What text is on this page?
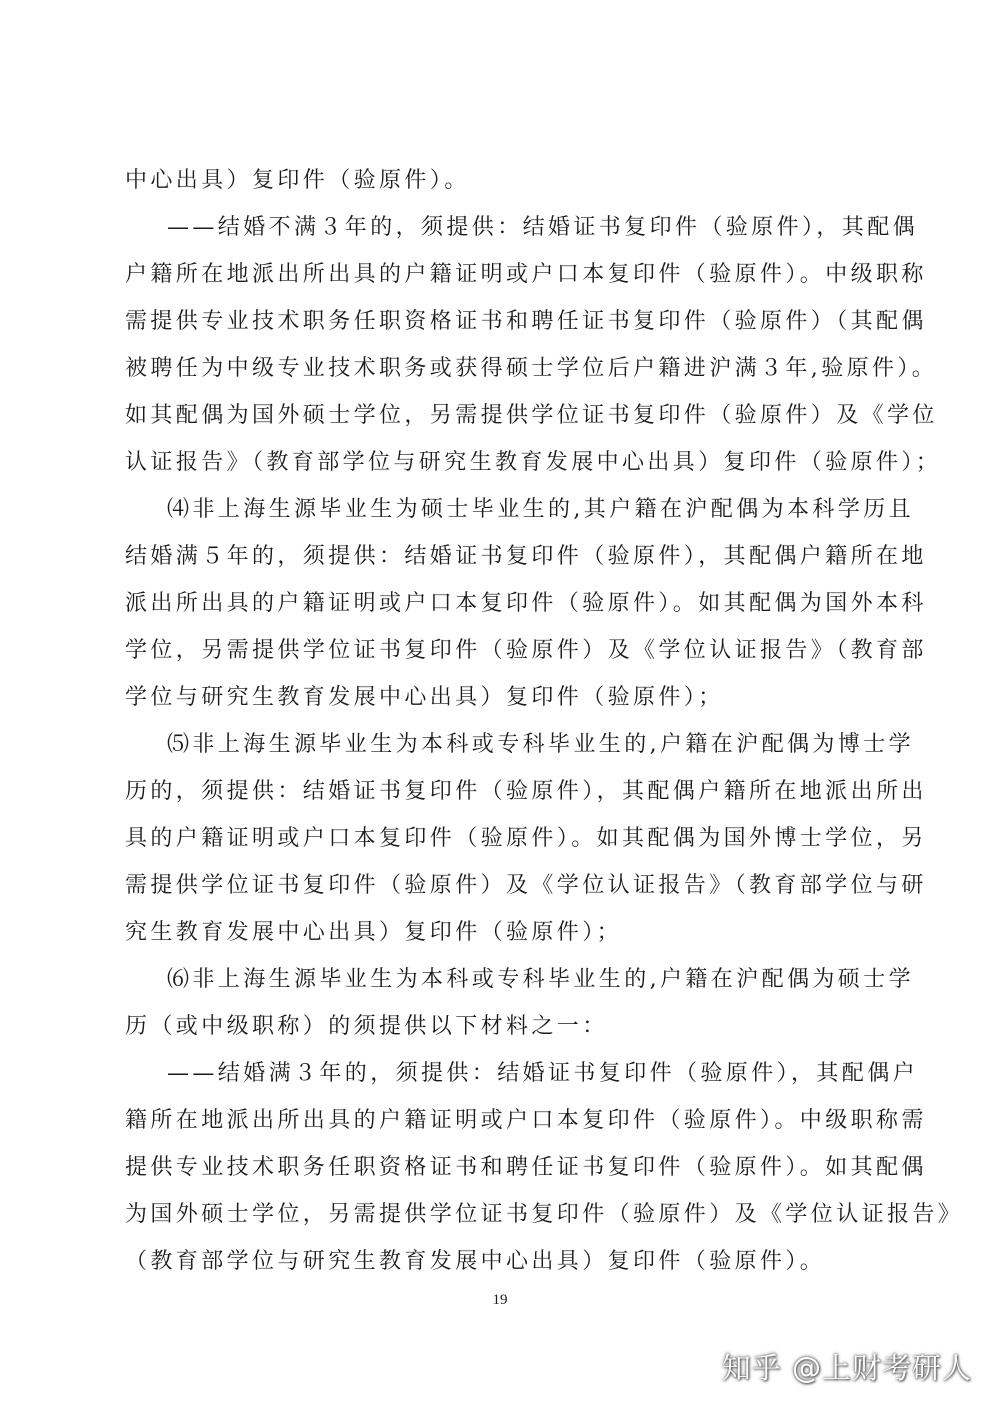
中心出具）复印件（验原件）。
——结婚不满３年的，须提供：结婚证书复印件（验原件），其配偶
户籍所在地派出所出具的户籍证明或户口本复印件（验原件）。中级职称
需提供专业技术职务任职资格证书和聘任证书复印件（验原件）（其配偶
被聘任为中级专业技术职务或获得硕士学位后户籍进沪满３年,验原件）。
如其配偶为国外硕士学位，另需提供学位证书复印件（验原件）及《学位
认证报告》（教育部学位与研究生教育发展中心出具）复印件（验原件）；
⑷非上海生源毕业生为硕士毕业生的,其户籍在沪配偶为本科学历且
结婚满５年的，须提供：结婚证书复印件（验原件），其配偶户籍所在地
派出所出具的户籍证明或户口本复印件（验原件）。如其配偶为国外本科
学位，另需提供学位证书复印件（验原件）及《学位认证报告》（教育部
学位与研究生教育发展中心出具）复印件（验原件）；
⑸非上海生源毕业生为本科或专科毕业生的,户籍在沪配偶为博士学
历的，须提供：结婚证书复印件（验原件），其配偶户籍所在地派出所出
具的户籍证明或户口本复印件（验原件）。如其配偶为国外博士学位，另
需提供学位证书复印件（验原件）及《学位认证报告》（教育部学位与研
究生教育发展中心出具）复印件（验原件）；
⑹非上海生源毕业生为本科或专科毕业生的,户籍在沪配偶为硕士学
历（或中级职称）的须提供以下材料之一：
——结婚满３年的，须提供：结婚证书复印件（验原件），其配偶户
籍所在地派出所出具的户籍证明或户口本复印件（验原件）。中级职称需
提供专业技术职务任职资格证书和聘任证书复印件（验原件）。如其配偶
为国外硕士学位，另需提供学位证书复印件（验原件）及《学位认证报告》
（教育部学位与研究生教育发展中心出具）复印件（验原件）。
19
知乎 @上财考研人
